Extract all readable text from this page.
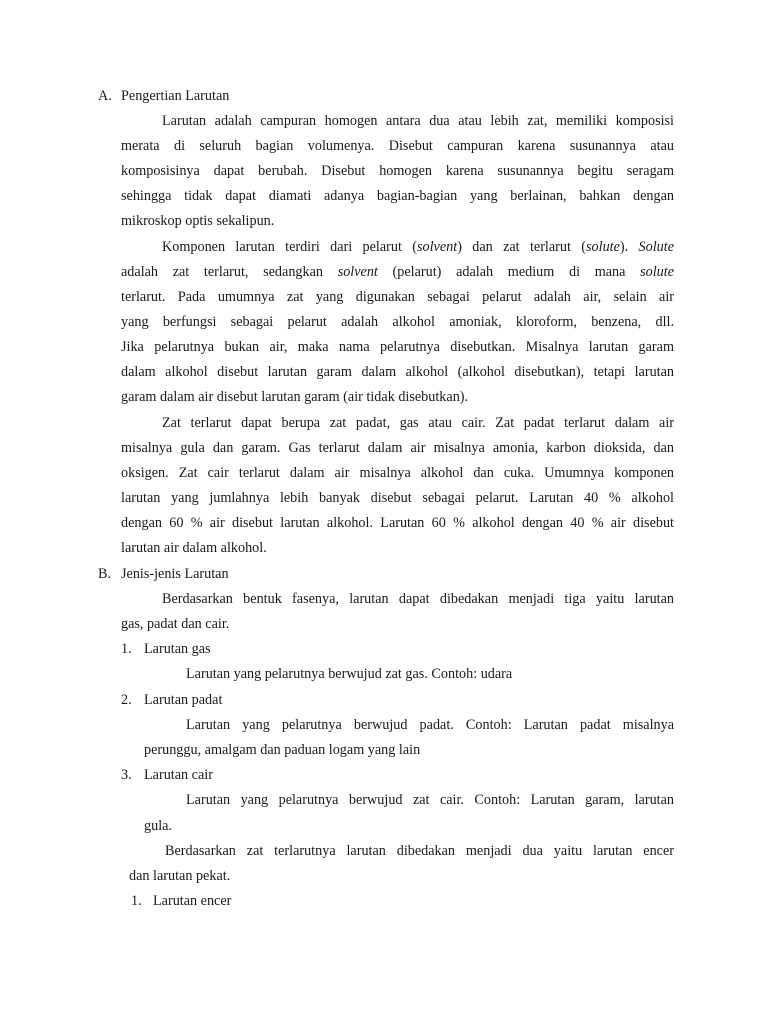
A. Pengertian Larutan
Larutan adalah campuran homogen antara dua atau lebih zat, memiliki komposisi
merata di seluruh bagian volumenya. Disebut campuran karena susunannya atau
komposisinya dapat berubah. Disebut homogen karena susunannya begitu seragam
sehingga tidak dapat diamati adanya bagian-bagian yang berlainan, bahkan dengan
mikroskop optis sekalipun.
Komponen larutan terdiri dari pelarut (solvent) dan zat terlarut (solute). Solute
adalah zat terlarut, sedangkan solvent (pelarut) adalah medium di mana solute
terlarut. Pada umumnya zat yang digunakan sebagai pelarut adalah air, selain air
yang berfungsi sebagai pelarut adalah alkohol amoniak, kloroform, benzena, dll.
Jika pelarutnya bukan air, maka nama pelarutnya disebutkan. Misalnya larutan garam
dalam alkohol disebut larutan garam dalam alkohol (alkohol disebutkan), tetapi larutan
garam dalam air disebut larutan garam (air tidak disebutkan).
Zat terlarut dapat berupa zat padat, gas atau cair. Zat padat terlarut dalam air
misalnya gula dan garam. Gas terlarut dalam air misalnya amonia, karbon dioksida, dan
oksigen. Zat cair terlarut dalam air misalnya alkohol dan cuka. Umumnya komponen
larutan yang jumlahnya lebih banyak disebut sebagai pelarut. Larutan 40 % alkohol
dengan 60 % air disebut larutan alkohol. Larutan 60 % alkohol dengan 40 % air disebut
larutan air dalam alkohol.
B. Jenis-jenis Larutan
Berdasarkan bentuk fasenya, larutan dapat dibedakan menjadi tiga yaitu larutan
gas, padat dan cair.
1. Larutan gas
Larutan yang pelarutnya berwujud zat gas. Contoh: udara
2. Larutan padat
Larutan yang pelarutnya berwujud padat. Contoh: Larutan padat misalnya
perunggu, amalgam dan paduan logam yang lain
3. Larutan cair
Larutan yang pelarutnya berwujud zat cair. Contoh: Larutan garam, larutan
gula.
Berdasarkan zat terlarutnya larutan dibedakan menjadi dua yaitu larutan encer
dan larutan pekat.
1. Larutan encer
